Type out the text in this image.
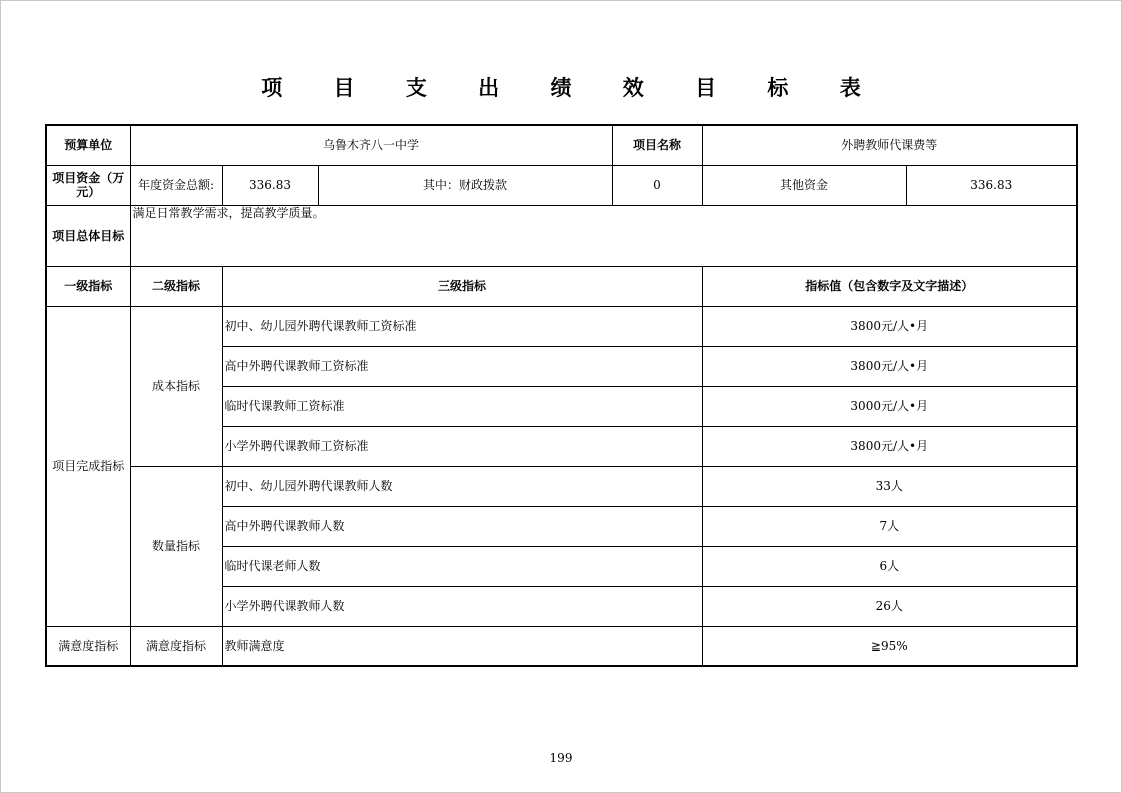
项 目 支 出 绩 效 目 标 表
预算单位	乌鲁木齐八一中学			项目名称	外聘教师代课费等	
项目资金（万元）	年度资金总额:	336.83	其中：财政拨款	0	其他资金	336.83
项目总体目标	满足日常教学需求，提高教学质量。					
一级指标	二级指标	三级指标			指标值（包含数字及文字描述）	
项目完成指标	成本指标	初中、幼儿园外聘代课教师工资标准			3800元/人•月	
		高中外聘代课教师工资标准			3800元/人•月	
		临时代课教师工资标准			3000元/人•月	
		小学外聘代课教师工资标准			3800元/人•月	
	数量指标	初中、幼儿园外聘代课教师人数			33人	
		高中外聘代课教师人数			7人	
		临时代课老师人数			6人	
		小学外聘代课教师人数			26人	
满意度指标	满意度指标	教师满意度			≧95%	
199
